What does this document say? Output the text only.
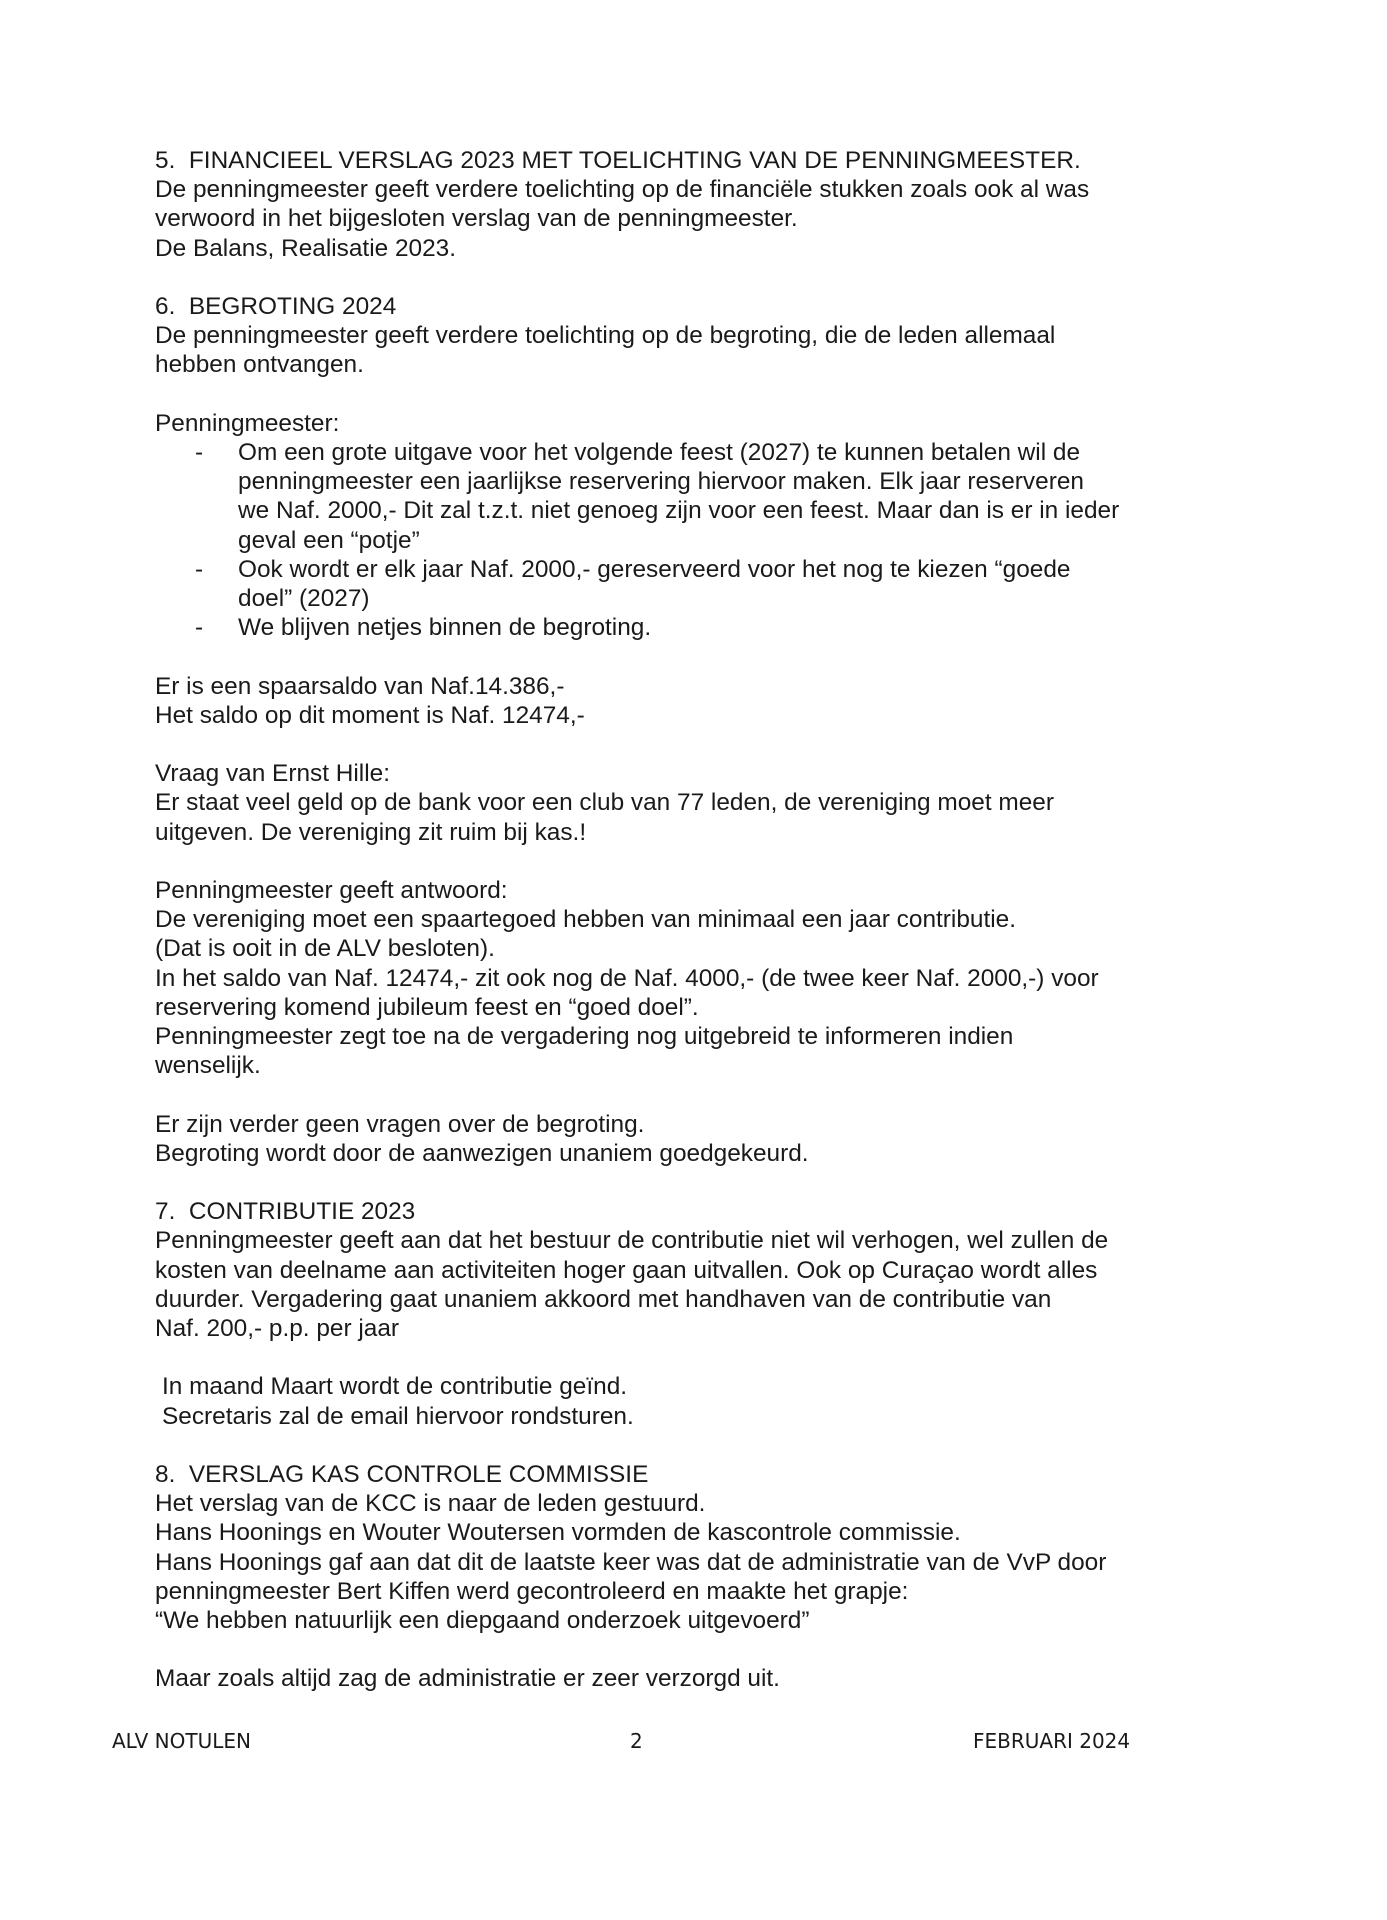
5.  FINANCIEEL VERSLAG 2023 MET TOELICHTING VAN DE PENNINGMEESTER.

De penningmeester geeft verdere toelichting op de financiële stukken zoals ook al was

verwoord in het bijgesloten verslag van de penningmeester.

De Balans, Realisatie 2023.

6.  BEGROTING 2024

De penningmeester geeft verdere toelichting op de begroting, die de leden allemaal

hebben ontvangen.

Penningmeester:

- Om een grote uitgave voor het volgende feest (2027) te kunnen betalen wil de

penningmeester een jaarlijkse reservering hiervoor maken. Elk jaar reserveren

we Naf. 2000,- Dit zal t.z.t. niet genoeg zijn voor een feest. Maar dan is er in ieder

geval een “potje”

- Ook wordt er elk jaar Naf. 2000,- gereserveerd voor het nog te kiezen “goede

doel” (2027)

- We blijven netjes binnen de begroting.

Er is een spaarsaldo van Naf.14.386,-

Het saldo op dit moment is Naf. 12474,-

Vraag van Ernst Hille:

Er staat veel geld op de bank voor een club van 77 leden, de vereniging moet meer

uitgeven. De vereniging zit ruim bij kas.!

Penningmeester geeft antwoord:

De vereniging moet een spaartegoed hebben van minimaal een jaar contributie.

(Dat is ooit in de ALV besloten).

In het saldo van Naf. 12474,- zit ook nog de Naf. 4000,- (de twee keer Naf. 2000,-) voor

reservering komend jubileum feest en “goed doel”.

Penningmeester zegt toe na de vergadering nog uitgebreid te informeren indien

wenselijk.

Er zijn verder geen vragen over de begroting.

Begroting wordt door de aanwezigen unaniem goedgekeurd.

7.  CONTRIBUTIE 2023

Penningmeester geeft aan dat het bestuur de contributie niet wil verhogen, wel zullen de

kosten van deelname aan activiteiten hoger gaan uitvallen. Ook op Curaçao wordt alles

duurder. Vergadering gaat unaniem akkoord met handhaven van de contributie van

Naf. 200,- p.p. per jaar

In maand Maart wordt de contributie geïnd.

Secretaris zal de email hiervoor rondsturen.

8.  VERSLAG KAS CONTROLE COMMISSIE

Het verslag van de KCC is naar de leden gestuurd.

Hans Hoonings en Wouter Woutersen vormden de kascontrole commissie.

Hans Hoonings gaf aan dat dit de laatste keer was dat de administratie van de VvP door

penningmeester Bert Kiffen werd gecontroleerd en maakte het grapje:

“We hebben natuurlijk een diepgaand onderzoek uitgevoerd”

Maar zoals altijd zag de administratie er zeer verzorgd uit.

ALV NOTULEN	2	FEBRUARI 2024
